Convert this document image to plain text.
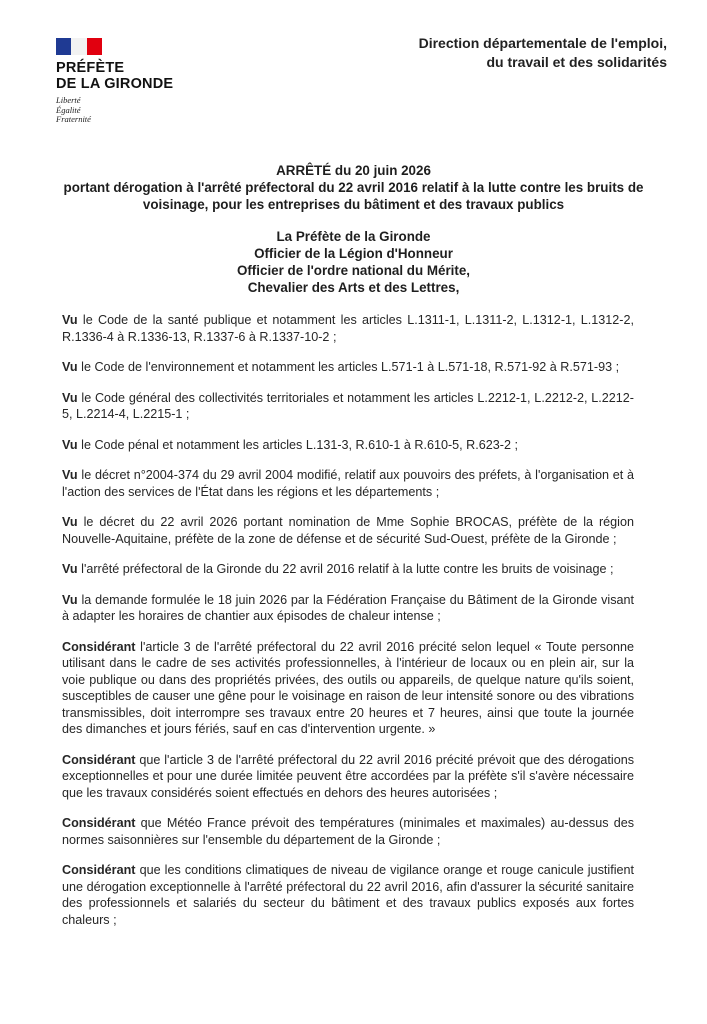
PRÉFÈTE
DE LA GIRONDE
Liberté
Égalité
Fraternité
Direction départementale de l'emploi,
du travail et des solidarités
ARRÊTÉ du 20 juin 2026
portant dérogation à l'arrêté préfectoral du 22 avril 2016 relatif à la lutte contre les bruits de voisinage, pour les entreprises du bâtiment et des travaux publics
La Préfète de la Gironde
Officier de la Légion d'Honneur
Officier de l'ordre national du Mérite,
Chevalier des Arts et des Lettres,

Vu le Code de la santé publique et notamment les articles L.1311-1, L.1311-2, L.1312-1, L.1312-2, R.1336-4 à R.1336-13, R.1337-6 à R.1337-10-2 ;

Vu le Code de l'environnement et notamment les articles L.571-1 à L.571-18, R.571-92 à R.571-93 ;

Vu le Code général des collectivités territoriales et notamment les articles L.2212-1, L.2212-2, L.2212-5, L.2214-4, L.2215-1 ;

Vu le Code pénal et notamment les articles L.131-3, R.610-1 à R.610-5, R.623-2 ;

Vu le décret n°2004-374 du 29 avril 2004 modifié, relatif aux pouvoirs des préfets, à l'organisation et à l'action des services de l'État dans les régions et les départements ;

Vu le décret du 22 avril 2026 portant nomination de Mme Sophie BROCAS, préfète de la région Nouvelle-Aquitaine, préfète de la zone de défense et de sécurité Sud-Ouest, préfète de la Gironde ;

Vu l'arrêté préfectoral de la Gironde du 22 avril 2016 relatif à la lutte contre les bruits de voisinage ;

Vu la demande formulée le 18 juin 2026 par la Fédération Française du Bâtiment de la Gironde visant à adapter les horaires de chantier aux épisodes de chaleur intense ;

Considérant l'article 3 de l'arrêté préfectoral du 22 avril 2016 précité selon lequel « Toute personne utilisant dans le cadre de ses activités professionnelles, à l'intérieur de locaux ou en plein air, sur la voie publique ou dans des propriétés privées, des outils ou appareils, de quelque nature qu'ils soient, susceptibles de causer une gêne pour le voisinage en raison de leur intensité sonore ou des vibrations transmissibles, doit interrompre ses travaux entre 20 heures et 7 heures, ainsi que toute la journée des dimanches et jours fériés, sauf en cas d'intervention urgente. »

Considérant que l'article 3 de l'arrêté préfectoral du 22 avril 2016 précité prévoit que des dérogations exceptionnelles et pour une durée limitée peuvent être accordées par la préfète s'il s'avère nécessaire que les travaux considérés soient effectués en dehors des heures autorisées ;

Considérant que Météo France prévoit des températures (minimales et maximales) au-dessus des normes saisonnières sur l'ensemble du département de la Gironde ;

Considérant que les conditions climatiques de niveau de vigilance orange et rouge canicule justifient une dérogation exceptionnelle à l'arrêté préfectoral du 22 avril 2016, afin d'assurer la sécurité sanitaire des professionnels et salariés du secteur du bâtiment et des travaux publics exposés aux fortes chaleurs ;
